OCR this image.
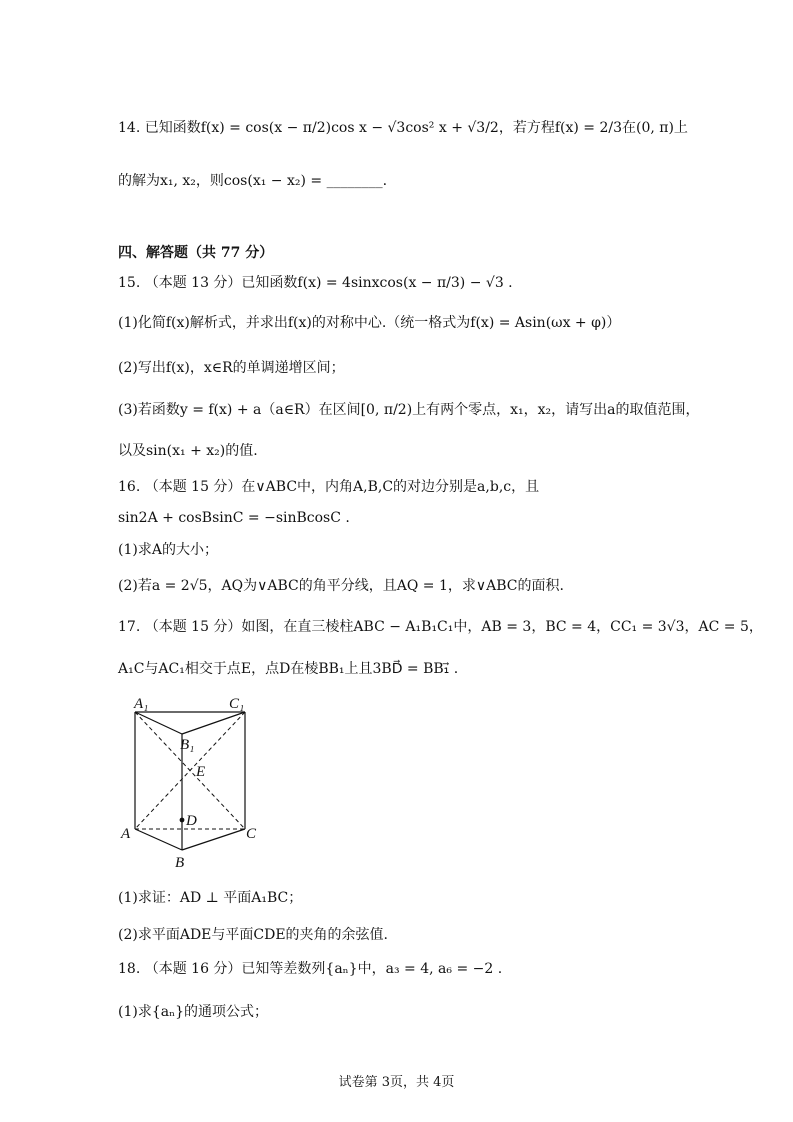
14. 已知函数f(x) = cos(x − π/2)cos x − √3cos² x + √3/2，若方程f(x) = 2/3在(0, π)上
的解为x₁, x₂，则cos(x₁ − x₂) = ________.
四、解答题（共 77 分）
15. （本题 13 分）已知函数f(x) = 4sinxcos(x − π/3) − √3 .
(1)化简f(x)解析式，并求出f(x)的对称中心.（统一格式为f(x) = Asin(ωx + φ)）
(2)写出f(x)，x∈R的单调递增区间；
(3)若函数y = f(x) + a（a∈R）在区间[0, π/2)上有两个零点，x₁，x₂，请写出a的取值范围，
以及sin(x₁ + x₂)的值.
16. （本题 15 分）在∨ABC中，内角A,B,C的对边分别是a,b,c，且
sin2A + cosBsinC = −sinBcosC .
(1)求A的大小；
(2)若a = 2√5，AQ为∨ABC的角平分线，且AQ = 1，求∨ABC的面积.
17. （本题 15 分）如图，在直三棱柱ABC − A₁B₁C₁中，AB = 3，BC = 4，CC₁ = 3√3，AC = 5，
A₁C与AC₁相交于点E，点D在棱BB₁上且3BD⃗ = BB₁⃗ .
A₁	C₁
B₁
E
D
A	C
B
(1)求证：AD ⊥ 平面A₁BC；
(2)求平面ADE与平面CDE的夹角的余弦值.
18. （本题 16 分）已知等差数列{aₙ}中，a₃ = 4, a₆ = −2 .
(1)求{aₙ}的通项公式；
试卷第 3页，共 4页
